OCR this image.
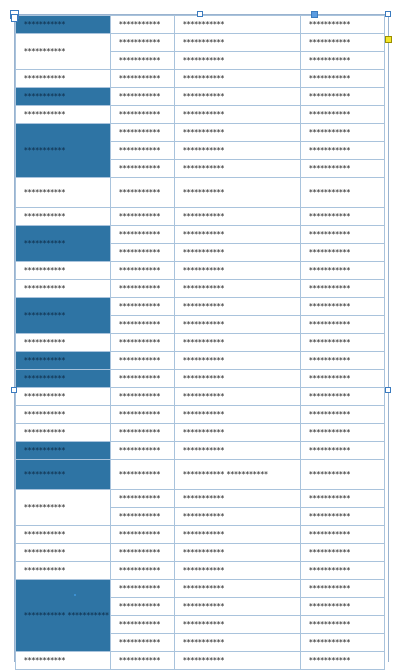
***********	***********	***********	***********
***********	***********	***********	***********
	***********	***********	***********
***********	***********	***********	***********
***********	***********	***********	***********
***********	***********	***********	***********
***********	***********	***********	***********
	***********	***********	***********
	***********	***********	***********
***********	***********	***********	***********
***********	***********	***********	***********
***********	***********	***********	***********
	***********	***********	***********
***********	***********	***********	***********
***********	***********	***********	***********
***********	***********	***********	***********
	***********	***********	***********
***********	***********	***********	***********
***********	***********	***********	***********
***********	***********	***********	***********
***********	***********	***********	***********
***********	***********	***********	***********
***********	***********	***********	***********
***********	***********	***********	***********
***********	***********	*********** ***********	***********
***********	***********	***********	***********
	***********	***********	***********
***********	***********	***********	***********
***********	***********	***********	***********
***********	***********	***********	***********
*********** ***********	***********	***********	***********
	***********	***********	***********
	***********	***********	***********
	***********	***********	***********
***********	***********	***********	***********
